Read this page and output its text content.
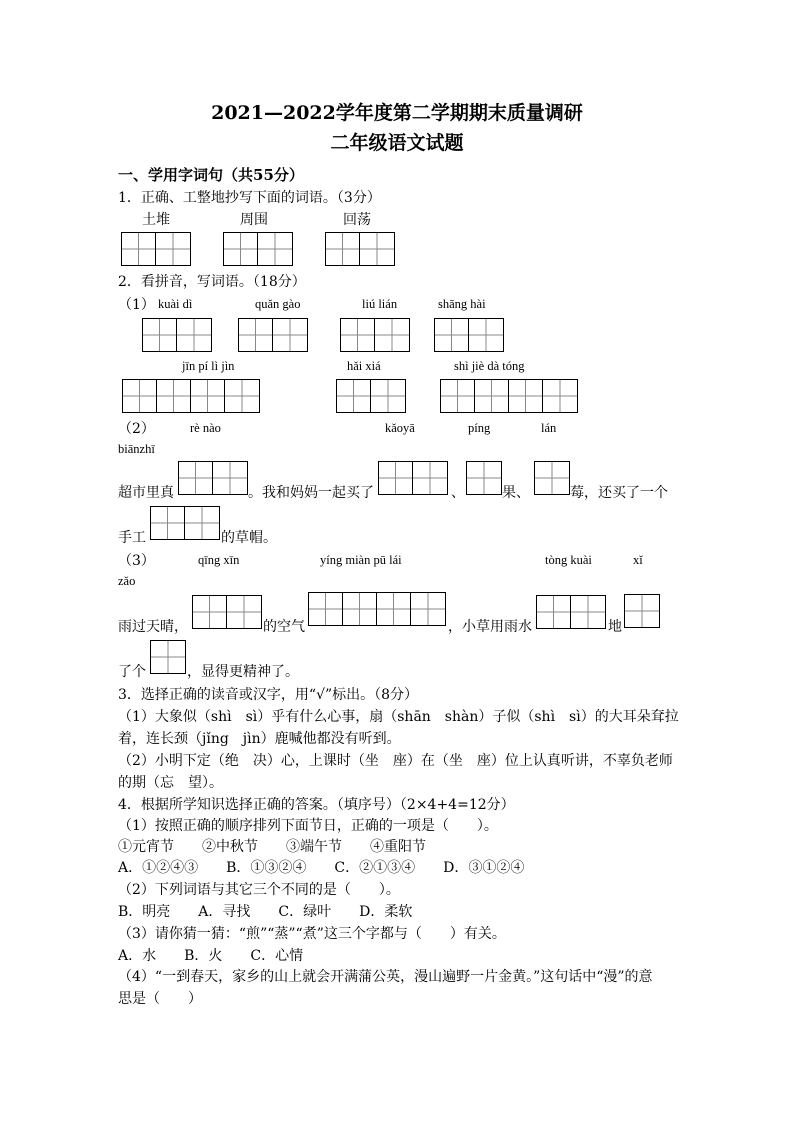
2021—2022学年度第二学期期末质量调研
二年级语文试题
一、学用字词句（共55分）
1．正确、工整地抄写下面的词语。（3分）
土堆	周围	回荡
2．看拼音，写词语。（18分）
（1） kuài dì	quǎn gào	liú lián	shāng hài
jīn pí lì jìn	hǎi xiá	shì jiè dà tóng
（2）	rè nào	kǎoyā	píng	lán
biānzhī
超市里真	。我和妈妈一起买了	、	果、	莓，还买了一个
手工	的草帽。
（3）	qīng xīn	yíng miàn pū lái	tòng kuài	xǐ
zǎo
雨过天晴，	的空气	，小草用雨水	地
了个	，显得更精神了。
3．选择正确的读音或汉字，用“√”标出。（8分）
（1）大象似（shì　sì）乎有什么心事，扇（shān　shàn）子似（shì　sì）的大耳朵耷拉
着，连长颈（jǐng　jìn）鹿喊他都没有听到。
（2）小明下定（绝　决）心，上课时（坐　座）在（坐　座）位上认真听讲，不辜负老师
的期（忘　望）。
4．根据所学知识选择正确的答案。（填序号）（2×4+4=12分）
（1）按照正确的顺序排列下面节日，正确的一项是（　　）。
①元宵节　　②中秋节　　③端午节　　④重阳节
A．①②④③　　B．①③②④　　C．②①③④　　D．③①②④
（2）下列词语与其它三个不同的是（　　）。
B．明亮　　A．寻找　　C．绿叶　　D．柔软
（3）请你猜一猜：“煎”“蒸”“煮”这三个字都与（　　）有关。
A．水　　B．火　　C．心情
（4）“一到春天，家乡的山上就会开满蒲公英，漫山遍野一片金黄。”这句话中“漫”的意
思是（　　）
